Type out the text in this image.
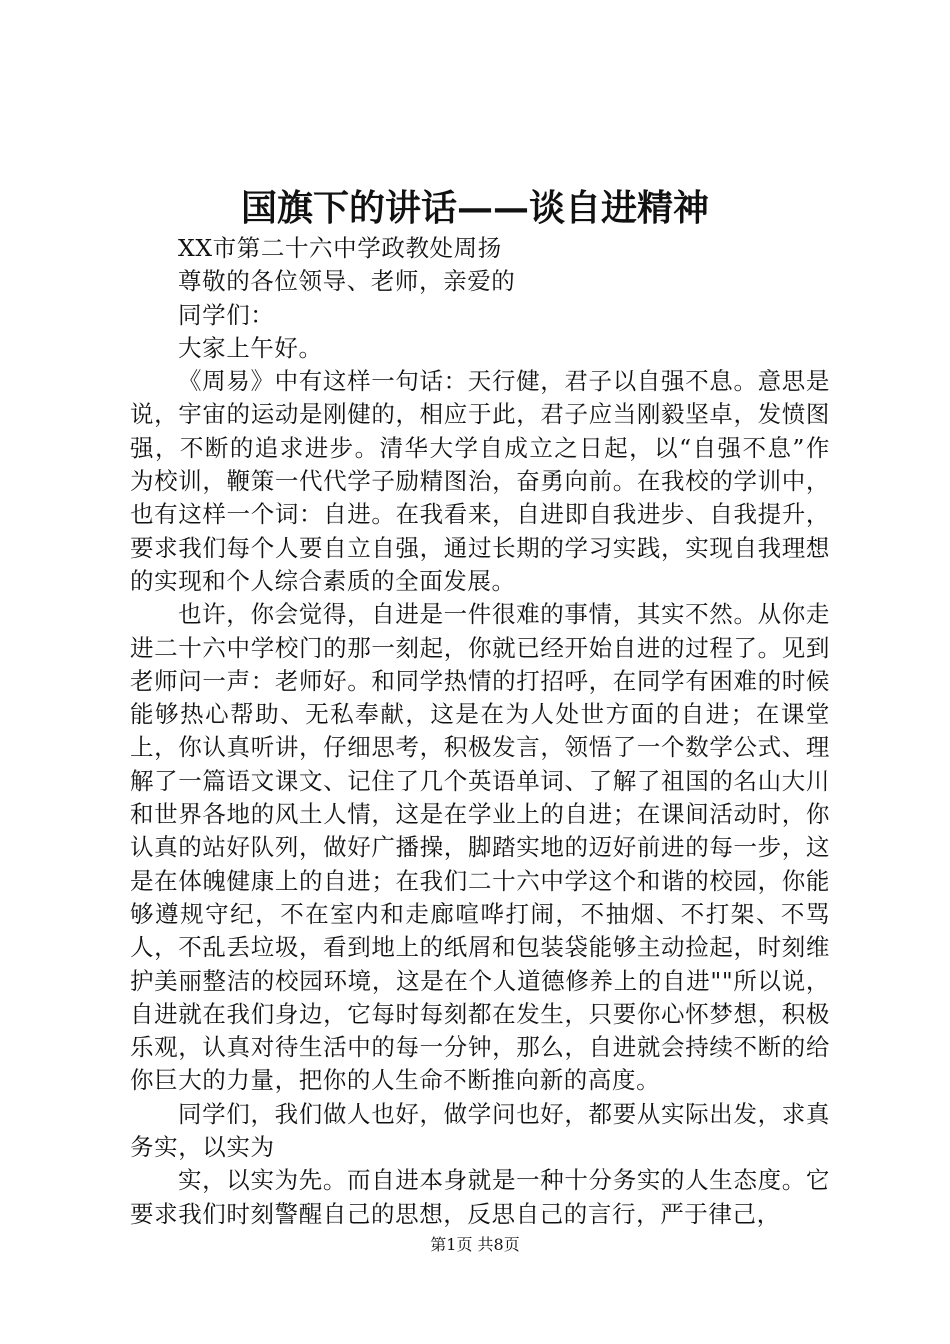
国旗下的讲话——谈自进精神

XX市第二十六中学政教处周扬

尊敬的各位领导、老师，亲爱的

同学们：

大家上午好。

《周易》中有这样一句话：天行健，君子以自强不息。意思是说，宇宙的运动是刚健的，相应于此，君子应当刚毅坚卓，发愤图强，不断的追求进步。清华大学自成立之日起，以“自强不息”作为校训，鞭策一代代学子励精图治，奋勇向前。在我校的学训中，也有这样一个词：自进。在我看来，自进即自我进步、自我提升，要求我们每个人要自立自强，通过长期的学习实践，实现自我理想的实现和个人综合素质的全面发展。

也许，你会觉得，自进是一件很难的事情，其实不然。从你走进二十六中学校门的那一刻起，你就已经开始自进的过程了。见到老师问一声：老师好。和同学热情的打招呼，在同学有困难的时候能够热心帮助、无私奉献，这是在为人处世方面的自进；在课堂上，你认真听讲，仔细思考，积极发言，领悟了一个数学公式、理解了一篇语文课文、记住了几个英语单词、了解了祖国的名山大川和世界各地的风土人情，这是在学业上的自进；在课间活动时，你认真的站好队列，做好广播操，脚踏实地的迈好前进的每一步，这是在体魄健康上的自进；在我们二十六中学这个和谐的校园，你能够遵规守纪，不在室内和走廊喧哗打闹，不抽烟、不打架、不骂人，不乱丢垃圾，看到地上的纸屑和包装袋能够主动捡起，时刻维护美丽整洁的校园环境，这是在个人道德修养上的自进""所以说，自进就在我们身边，它每时每刻都在发生，只要你心怀梦想，积极乐观，认真对待生活中的每一分钟，那么，自进就会持续不断的给你巨大的力量，把你的人生命不断推向新的高度。

同学们，我们做人也好，做学问也好，都要从实际出发，求真务实，以实为

实，以实为先。而自进本身就是一种十分务实的人生态度。它要求我们时刻警醒自己的思想，反思自己的言行，严于律己，

第1页 共8页
